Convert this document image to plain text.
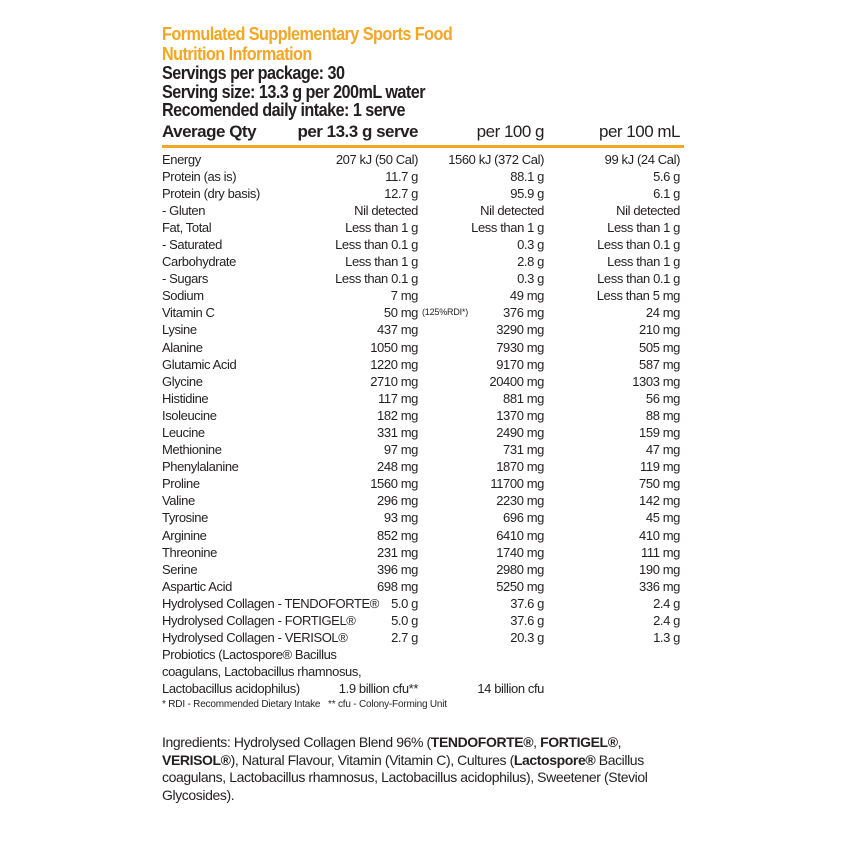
Formulated Supplementary Sports Food
Nutrition Information
Servings per package: 30
Serving size: 13.3 g per 200mL water
Recomended daily intake: 1 serve
Average Qty per 13.3 g serve	per 100 g	per 100 mL
Energy	207 kJ (50 Cal) 1560 kJ (372 Cal)	99 kJ (24 Cal)
Protein (as is)	11.7 g	88.1 g	5.6 g
Protein (dry basis)	12.7 g	95.9 g	6.1 g
- Gluten	Nil detected	Nil detected	Nil detected
Fat, Total	Less than 1 g	Less than 1 g	Less than 1 g
- Saturated	Less than 0.1 g	0.3 g	Less than 0.1 g
Carbohydrate	Less than 1 g	2.8 g	Less than 1 g
- Sugars	Less than 0.1 g	0.3 g	Less than 0.1 g
Sodium	7 mg	49 mg	Less than 5 mg
Vitamin C	50 mg	376 mg	24 mg
(125%RDI*)
Lysine	437 mg	3290 mg	210 mg
Alanine	1050 mg	7930 mg	505 mg
Glutamic Acid	1220 mg	9170 mg	587 mg
Glycine	2710 mg	20400 mg	1303 mg
Histidine	117 mg	881 mg	56 mg
Isoleucine	182 mg	1370 mg	88 mg
Leucine	331 mg	2490 mg	159 mg
Methionine	97 mg	731 mg	47 mg
Phenylalanine	248 mg	1870 mg	119 mg
Proline	1560 mg	11700 mg	750 mg
Valine	296 mg	2230 mg	142 mg
Tyrosine	93 mg	696 mg	45 mg
Arginine	852 mg	6410 mg	410 mg
Threonine	231 mg	1740 mg	111 mg
Serine	396 mg	2980 mg	190 mg
Aspartic Acid	698 mg	5250 mg	336 mg
Hydrolysed Collagen - TENDOFORTE® 5.0 g	37.6 g	2.4 g
Hydrolysed Collagen - FORTIGEL®	5.0 g	37.6 g	2.4 g
Hydrolysed Collagen - VERISOL®	2.7 g	20.3 g	1.3 g
Probiotics (Lactospore® Bacillus coagulans, Lactobacillus rhamnosus, Lactobacillus acidophilus)	1.9 billion cfu**	14 billion cfu
* RDI - Recommended Dietary Intake   ** cfu - Colony-Forming Unit
Ingredients: Hydrolysed Collagen Blend 96% (TENDOFORTE®, FORTIGEL®, VERISOL®), Natural Flavour, Vitamin (Vitamin C), Cultures (Lactospore® Bacillus coagulans, Lactobacillus rhamnosus, Lactobacillus acidophilus), Sweetener (Steviol Glycosides).
